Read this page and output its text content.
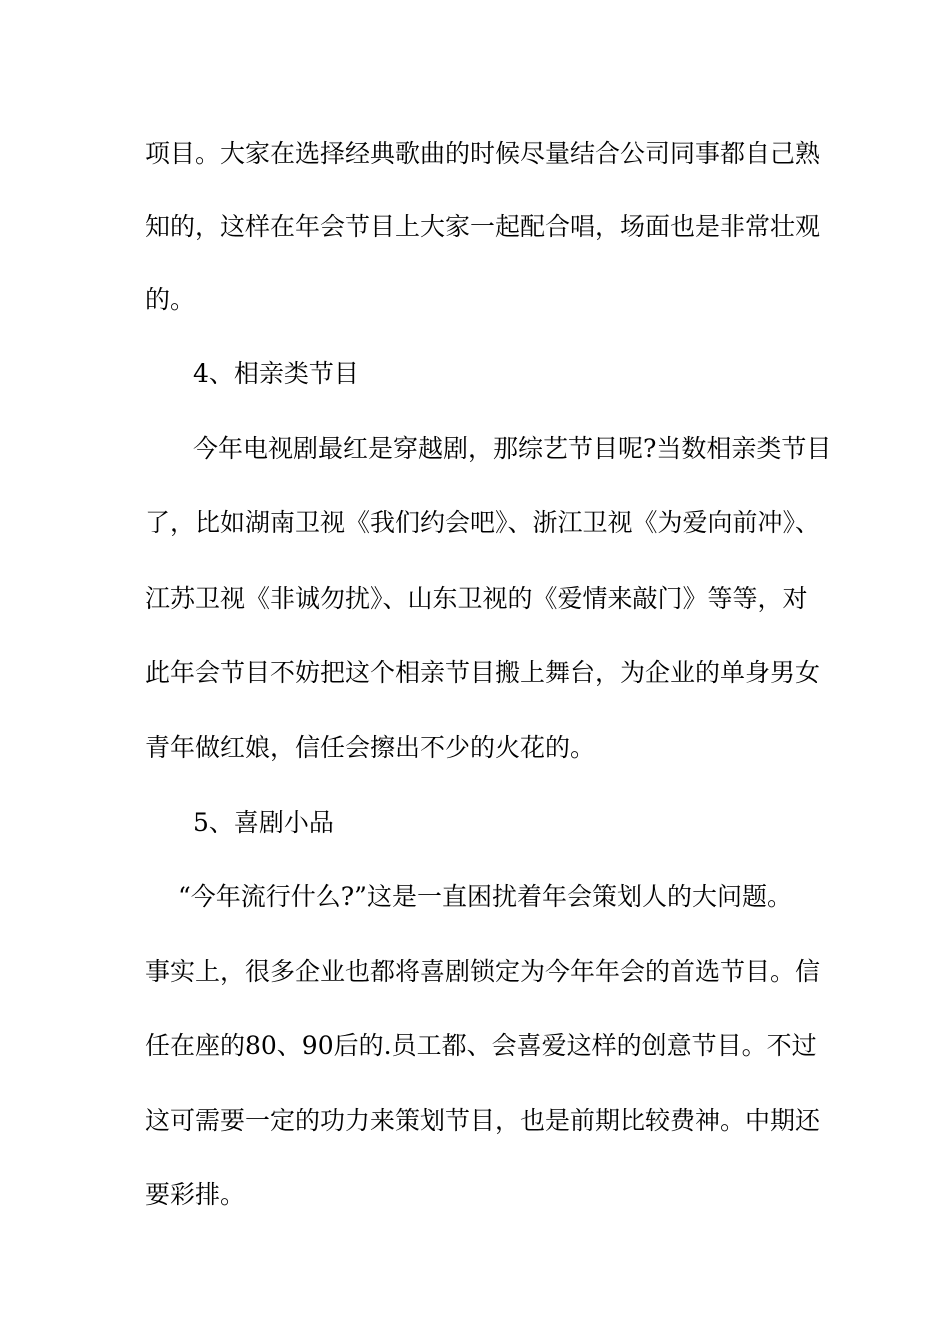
项目。大家在选择经典歌曲的时候尽量结合公司同事都自己熟
知的，这样在年会节目上大家一起配合唱，场面也是非常壮观
的。
4、相亲类节目
今年电视剧最红是穿越剧，那综艺节目呢?当数相亲类节目
了，比如湖南卫视《我们约会吧》、浙江卫视《为爱向前冲》、
江苏卫视《非诚勿扰》、山东卫视的《爱情来敲门》等等，对
此年会节目不妨把这个相亲节目搬上舞台，为企业的单身男女
青年做红娘，信任会擦出不少的火花的。
5、喜剧小品
“今年流行什么?”这是一直困扰着年会策划人的大问题。
事实上，很多企业也都将喜剧锁定为今年年会的首选节目。信
任在座的80、90后的.员工都、会喜爱这样的创意节目。不过
这可需要一定的功力来策划节目，也是前期比较费神。中期还
要彩排。
